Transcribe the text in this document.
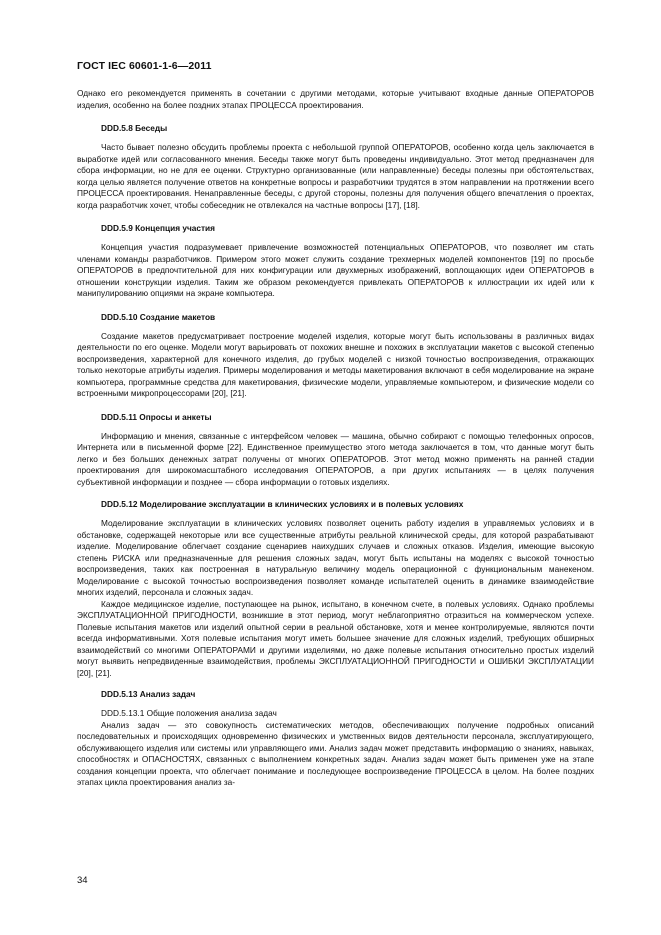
ГОСТ IEC 60601-1-6—2011

Однако его рекомендуется применять в сочетании с другими методами, которые учитывают входные данные ОПЕРАТОРОВ изделия, особенно на более поздних этапах ПРОЦЕССА проектирования.

DDD.5.8 Беседы

Часто бывает полезно обсудить проблемы проекта с небольшой группой ОПЕРАТОРОВ, особенно когда цель заключается в выработке идей или согласованного мнения. Беседы также могут быть проведены индивидуально. Этот метод предназначен для сбора информации, но не для ее оценки. Структурно организованные (или направленные) беседы полезны при обстоятельствах, когда целью является получение ответов на конкретные вопросы и разработчики трудятся в этом направлении на протяжении всего ПРОЦЕССА проектирования. Ненаправленные беседы, с другой стороны, полезны для получения общего впечатления о проектах, когда разработчик хочет, чтобы собеседник не отвлекался на частные вопросы [17], [18].

DDD.5.9 Концепция участия

Концепция участия подразумевает привлечение возможностей потенциальных ОПЕРАТОРОВ, что позволяет им стать членами команды разработчиков. Примером этого может служить создание трехмерных моделей компонентов [19] по просьбе ОПЕРАТОРОВ в предпочтительной для них конфигурации или двухмерных изображений, воплощающих идеи ОПЕРАТОРОВ в отношении конструкции изделия. Таким же образом рекомендуется привлекать ОПЕРАТОРОВ к иллюстрации их идей или к манипулированию опциями на экране компьютера.

DDD.5.10 Создание макетов

Создание макетов предусматривает построение моделей изделия, которые могут быть использованы в различных видах деятельности по его оценке. Модели могут варьировать от похожих внешне и похожих в эксплуатации макетов с высокой степенью воспроизведения, характерной для конечного изделия, до грубых моделей с низкой точностью воспроизведения, отражающих только некоторые атрибуты изделия. Примеры моделирования и методы макетирования включают в себя моделирование на экране компьютера, программные средства для макетирования, физические модели, управляемые компьютером, и физические модели со встроенными микропроцессорами [20], [21].

DDD.5.11 Опросы и анкеты

Информацию и мнения, связанные с интерфейсом человек — машина, обычно собирают с помощью телефонных опросов, Интернета или в письменной форме [22]. Единственное преимущество этого метода заключается в том, что данные могут быть легко и без больших денежных затрат получены от многих ОПЕРАТОРОВ. Этот метод можно применять на ранней стадии проектирования для широкомасштабного исследования ОПЕРАТОРОВ, а при других испытаниях — в целях получения субъективной информации и позднее — сбора информации о готовых изделиях.

DDD.5.12 Моделирование эксплуатации в клинических условиях и в полевых условиях

Моделирование эксплуатации в клинических условиях позволяет оценить работу изделия в управляемых условиях и в обстановке, содержащей некоторые или все существенные атрибуты реальной клинической среды, для которой разрабатывают изделие. Моделирование облегчает создание сценариев наихудших случаев и сложных отказов. Изделия, имеющие высокую степень РИСКА или предназначенные для решения сложных задач, могут быть испытаны на моделях с высокой точностью воспроизведения, таких как построенная в натуральную величину модель операционной с функциональным манекеном. Моделирование с высокой точностью воспроизведения позволяет команде испытателей оценить в динамике взаимодействие многих изделий, персонала и сложных задач.

Каждое медицинское изделие, поступающее на рынок, испытано, в конечном счете, в полевых условиях. Однако проблемы ЭКСПЛУАТАЦИОННОЙ ПРИГОДНОСТИ, возникшие в этот период, могут неблагоприятно отразиться на коммерческом успехе. Полевые испытания макетов или изделий опытной серии в реальной обстановке, хотя и менее контролируемые, являются почти всегда информативными. Хотя полевые испытания могут иметь большее значение для сложных изделий, требующих обширных взаимодействий со многими ОПЕРАТОРАМИ и другими изделиями, но даже полевые испытания относительно простых изделий могут выявить непредвиденные взаимодействия, проблемы ЭКСПЛУАТАЦИОННОЙ ПРИГОДНОСТИ и ОШИБКИ ЭКСПЛУАТАЦИИ [20], [21].

DDD.5.13 Анализ задач

DDD.5.13.1 Общие положения анализа задач

Анализ задач — это совокупность систематических методов, обеспечивающих получение подробных описаний последовательных и происходящих одновременно физических и умственных видов деятельности персонала, эксплуатирующего, обслуживающего изделия или системы или управляющего ими. Анализ задач может представить информацию о знаниях, навыках, способностях и ОПАСНОСТЯХ, связанных с выполнением конкретных задач. Анализ задач может быть применен уже на этапе создания концепции проекта, что облегчает понимание и последующее воспроизведение ПРОЦЕССА в целом. На более поздних этапах цикла проектирования анализ за-

34
